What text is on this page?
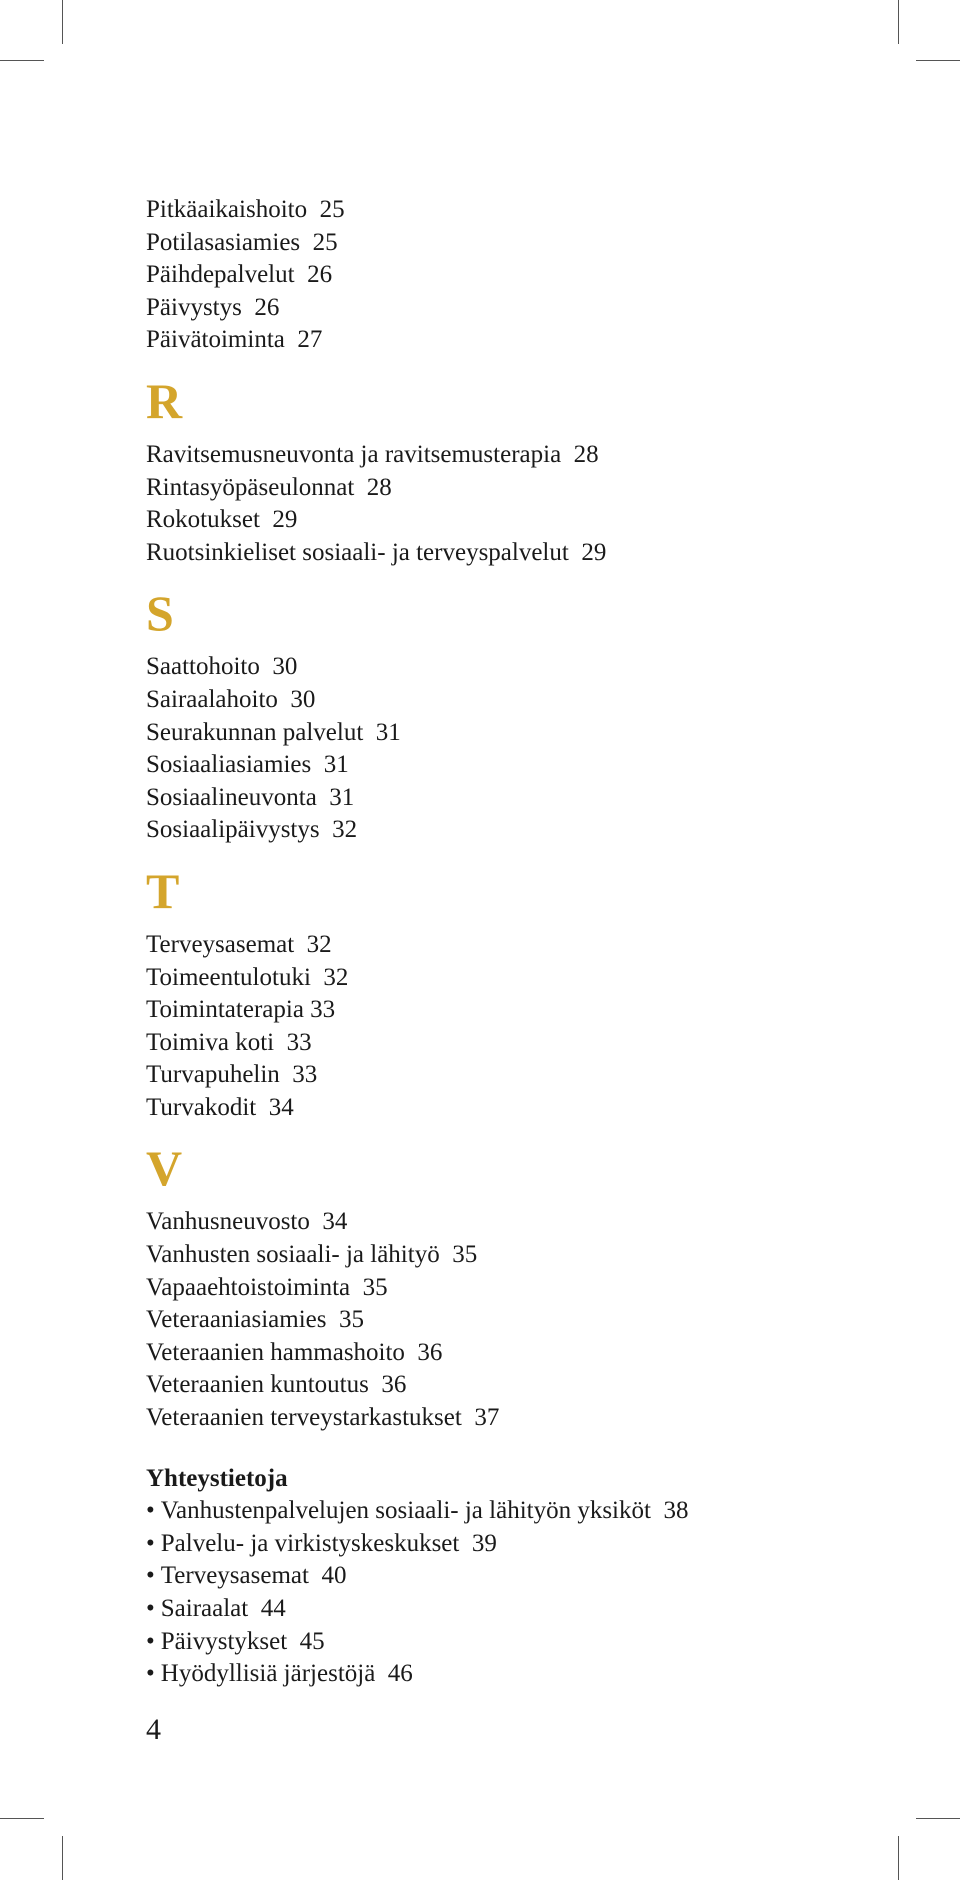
Pitkäaikaishoito  25
Potilasasiamies  25
Päihdepalvelut  26
Päivystys  26
Päivätoiminta  27
R
Ravitsemusneuvonta ja ravitsemusterapia  28
Rintasyöpäseulonnat  28
Rokotukset  29
Ruotsinkieliset sosiaali- ja terveyspalvelut  29
S
Saattohoito  30
Sairaalahoito  30
Seurakunnan palvelut  31
Sosiaaliasiamies  31
Sosiaalineuvonta  31
Sosiaalipäivystys  32
T
Terveysasemat  32
Toimeentulotuki  32
Toimintaterapia 33
Toimiva koti  33
Turvapuhelin  33
Turvakodit  34
V
Vanhusneuvosto  34
Vanhusten sosiaali- ja lähityö  35
Vapaaehtoistoiminta  35
Veteraaniasiamies  35
Veteraanien hammashoito  36
Veteraanien kuntoutus  36
Veteraanien terveystarkastukset  37
Yhteystietoja
• Vanhustenpalvelujen sosiaali- ja lähityön yksiköt  38
• Palvelu- ja virkistyskeskukset  39
• Terveysasemat  40
• Sairaalat  44
• Päivystykset  45
• Hyödyllisiä järjestöjä  46
4
